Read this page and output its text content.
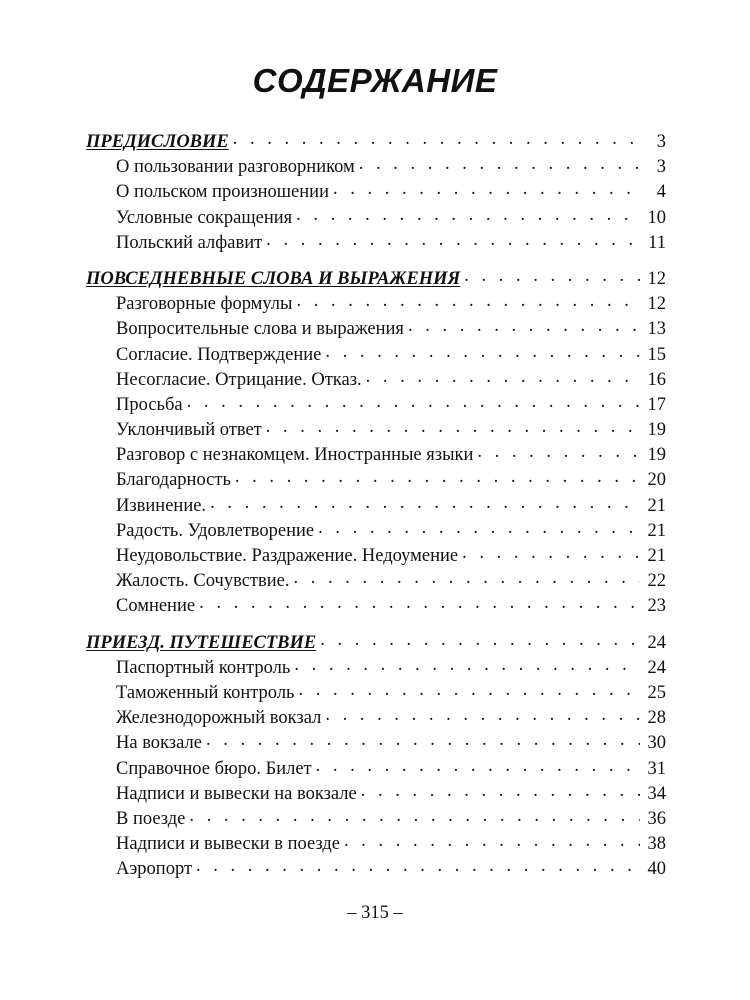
СОДЕРЖАНИЕ
ПРЕДИСЛОВИЕ . . .	3
О пользовании разговорником . . .	3
О польском произношении . . .	4
Условные сокращения . . .	10
Польский алфавит . . .	11
ПОВСЕДНЕВНЫЕ СЛОВА И ВЫРАЖЕНИЯ . . .	12
Разговорные формулы . . .	12
Вопросительные слова и выражения . . .	13
Согласие. Подтверждение . . .	15
Несогласие. Отрицание. Отказ. . . .	16
Просьба . . .	17
Уклончивый ответ . . .	19
Разговор с незнакомцем. Иностранные языки . . .	19
Благодарность . . .	20
Извинение. . . .	21
Радость. Удовлетворение . . .	21
Неудовольствие. Раздражение. Недоумение . . .	21
Жалость. Сочувствие. . . .	22
Сомнение . . .	23
ПРИЕЗД. ПУТЕШЕСТВИЕ . . .	24
Паспортный контроль . . .	24
Таможенный контроль . . .	25
Железнодорожный вокзал . . .	28
На вокзале . . .	30
Справочное бюро. Билет . . .	31
Надписи и вывески на вокзале . . .	34
В поезде . . .	36
Надписи и вывески в поезде . . .	38
Аэропорт . . .	40
– 315 –
